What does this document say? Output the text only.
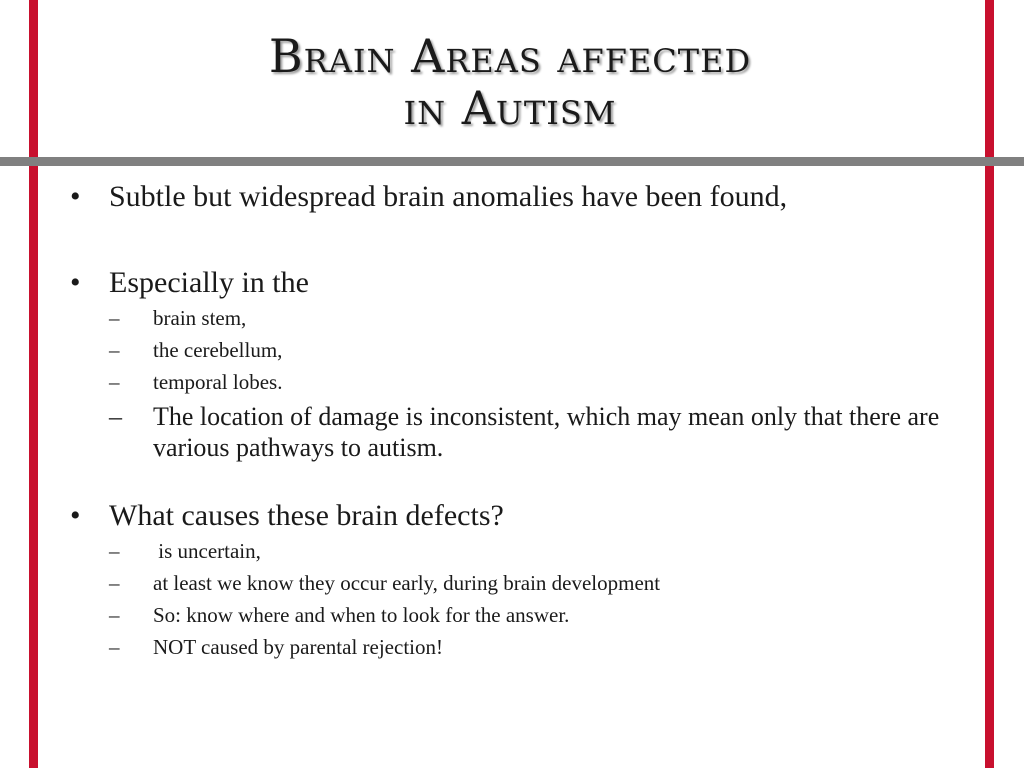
Brain Areas affected
in Autism
• Subtle but widespread brain anomalies have been found,
• Especially in the
– brain stem,
– the cerebellum,
– temporal lobes.
– The location of damage is inconsistent, which may mean only that there are various pathways to autism.
• What causes these brain defects?
– is uncertain,
– at least we know they occur early, during brain development
– So: know where and when to look for the answer.
– NOT caused by parental rejection!
